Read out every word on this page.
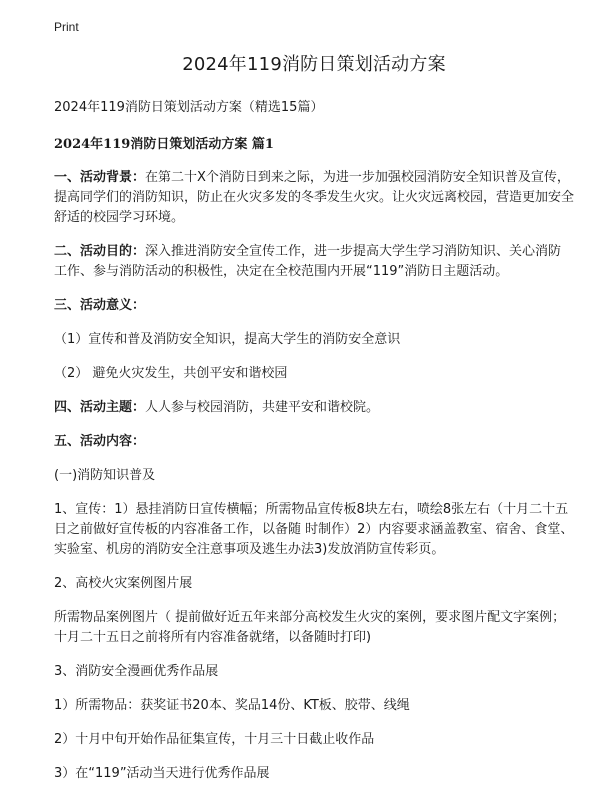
Print
2024年119消防日策划活动方案
2024年119消防日策划活动方案（精选15篇）
2024年119消防日策划活动方案 篇1
一、活动背景：在第二十X个消防日到来之际，为进一步加强校园消防安全知识普及宣传，提高同学们的消防知识，防止在火灾多发的冬季发生火灾。让火灾远离校园，营造更加安全舒适的校园学习环境。
二、活动目的：深入推进消防安全宣传工作，进一步提高大学生学习消防知识、关心消防工作、参与消防活动的积极性，决定在全校范围内开展“119”消防日主题活动。
三、活动意义：
（1）宣传和普及消防安全知识，提高大学生的消防安全意识
（2） 避免火灾发生，共创平安和谐校园
四、活动主题：人人参与校园消防，共建平安和谐校院。
五、活动内容：
(一)消防知识普及
1、宣传：1）悬挂消防日宣传横幅；所需物品宣传板8块左右，喷绘8张左右（十月二十五日之前做好宣传板的内容准备工作，以备随 时制作）2）内容要求涵盖教室、宿舍、食堂、实验室、机房的消防安全注意事项及逃生办法3)发放消防宣传彩页。
2、高校火灾案例图片展
所需物品案例图片（ 提前做好近五年来部分高校发生火灾的案例，要求图片配文字案例；十月二十五日之前将所有内容准备就绪，以备随时打印)
3、消防安全漫画优秀作品展
1）所需物品：获奖证书20本、奖品14份、KT板、胶带、线绳
2）十月中旬开始作品征集宣传，十月三十日截止收作品
3）在“119”活动当天进行优秀作品展
